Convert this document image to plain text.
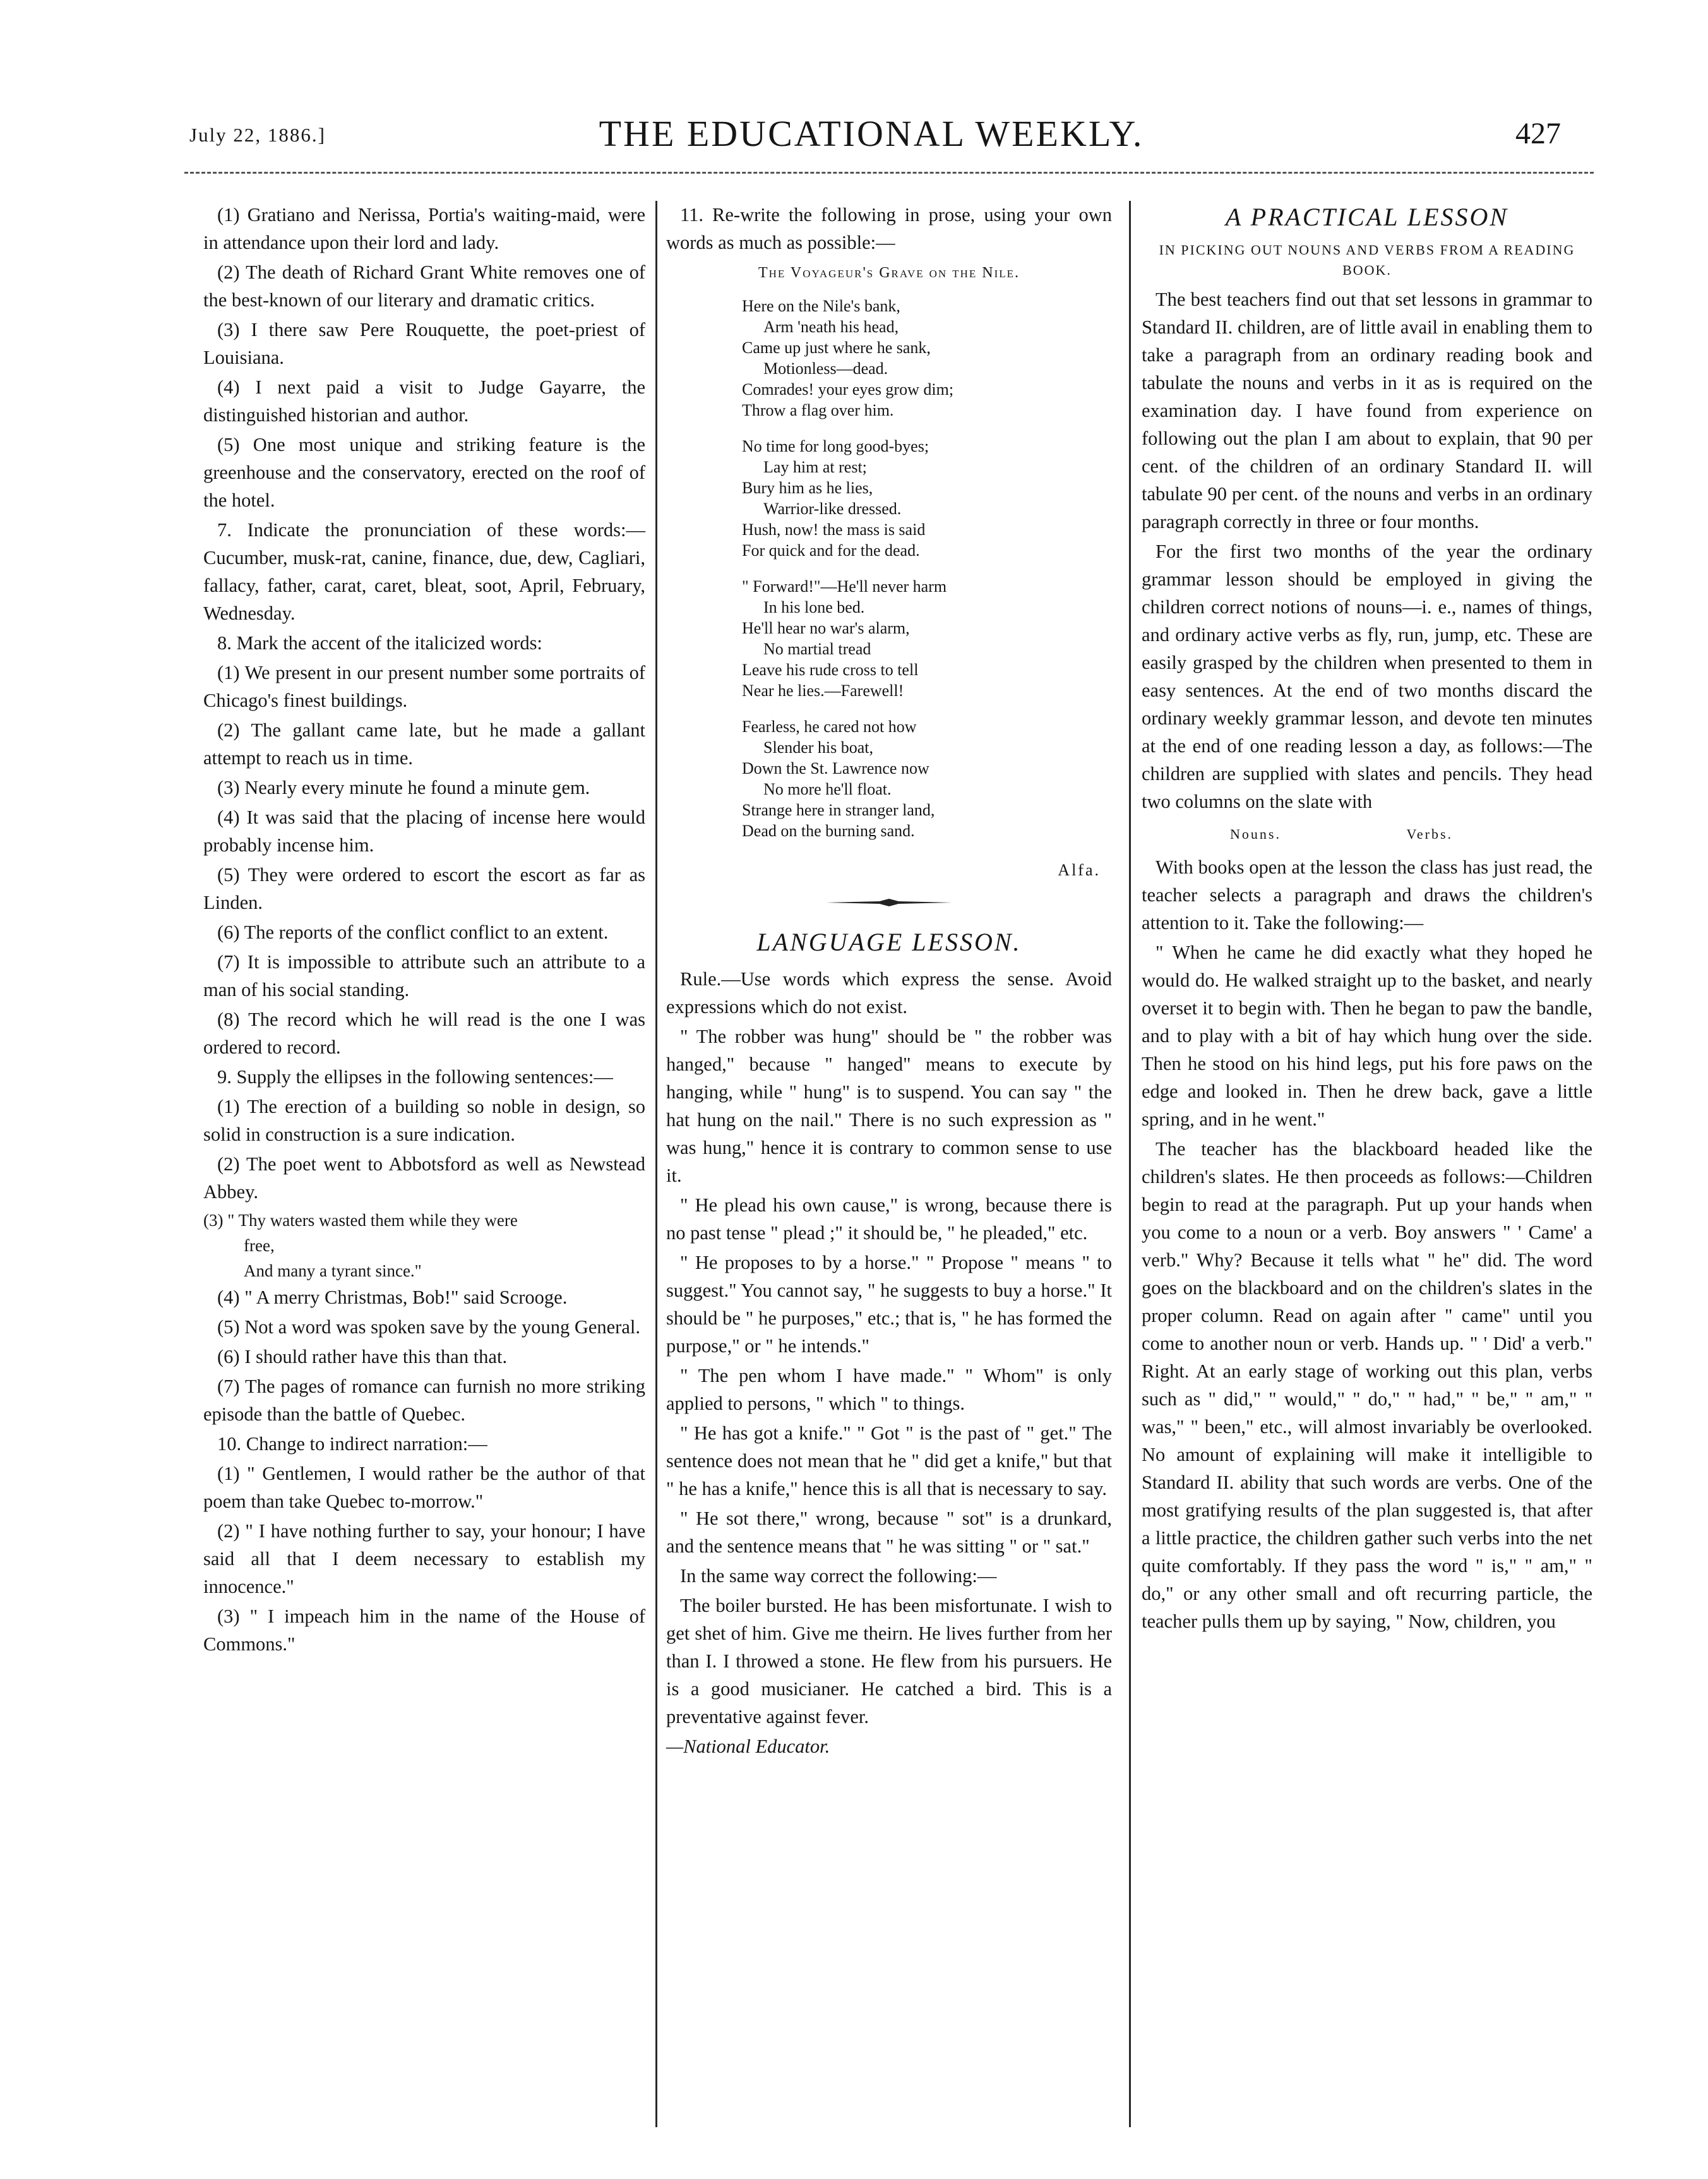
July 22, 1886.]	THE EDUCATIONAL WEEKLY.	427

(1) Gratiano and Nerissa, Portia's waiting-maid, were in attendance upon their lord and lady.

(2) The death of Richard Grant White removes one of the best-known of our literary and dramatic critics.

(3) I there saw Pere Rouquette, the poet-priest of Louisiana.

(4) I next paid a visit to Judge Gayarre, the distinguished historian and author.

(5) One most unique and striking feature is the greenhouse and the conservatory, erected on the roof of the hotel.

7. Indicate the pronunciation of these words:—Cucumber, musk-rat, canine, finance, due, dew, Cagliari, fallacy, father, carat, caret, bleat, soot, April, February, Wednesday.

8. Mark the accent of the italicized words:

(1) We present in our present number some portraits of Chicago's finest buildings.

(2) The gallant came late, but he made a gallant attempt to reach us in time.

(3) Nearly every minute he found a minute gem.

(4) It was said that the placing of incense here would probably incense him.

(5) They were ordered to escort the escort as far as Linden.

(6) The reports of the conflict conflict to an extent.

(7) It is impossible to attribute such an attribute to a man of his social standing.

(8) The record which he will read is the one I was ordered to record.

9. Supply the ellipses in the following sentences:—

(1) The erection of a building so noble in design, so solid in construction is a sure indication.

(2) The poet went to Abbotsford as well as Newstead Abbey.

(3) " Thy waters wasted them while they were
free,
And many a tyrant since."

(4) " A merry Christmas, Bob!" said Scrooge.

(5) Not a word was spoken save by the young General.

(6) I should rather have this than that.

(7) The pages of romance can furnish no more striking episode than the battle of Quebec.

10. Change to indirect narration:—

(1) " Gentlemen, I would rather be the author of that poem than take Quebec to-morrow."

(2) " I have nothing further to say, your honour; I have said all that I deem necessary to establish my innocence."

(3) " I impeach him in the name of the House of Commons."

11. Re-write the following in prose, using your own words as much as possible:—

The Voyageur's Grave on the Nile.
Here on the Nile's bank,
Arm 'neath his head,
Came up just where he sank,
Motionless—dead.
Comrades! your eyes grow dim;
Throw a flag over him.
No time for long good-byes;
Lay him at rest;
Bury him as he lies,
Warrior-like dressed.
Hush, now! the mass is said
For quick and for the dead.
" Forward!"—He'll never harm
In his lone bed.
He'll hear no war's alarm,
No martial tread
Leave his rude cross to tell
Near he lies.—Farewell!
Fearless, he cared not how
Slender his boat,
Down the St. Lawrence now
No more he'll float.
Strange here in stranger land,
Dead on the burning sand.
Alfa.
LANGUAGE LESSON.

Rule.—Use words which express the sense. Avoid expressions which do not exist.

" The robber was hung" should be " the robber was hanged," because " hanged" means to execute by hanging, while " hung" is to suspend. You can say " the hat hung on the nail." There is no such expression as " was hung," hence it is contrary to common sense to use it.

" He plead his own cause," is wrong, because there is no past tense " plead ;" it should be, " he pleaded," etc.

" He proposes to by a horse." " Propose " means " to suggest." You cannot say, " he suggests to buy a horse." It should be " he purposes," etc.; that is, " he has formed the purpose," or " he intends."

" The pen whom I have made." " Whom" is only applied to persons, " which " to things.

" He has got a knife." " Got " is the past of " get." The sentence does not mean that he " did get a knife," but that " he has a knife," hence this is all that is necessary to say.

" He sot there," wrong, because " sot" is a drunkard, and the sentence means that " he was sitting " or " sat."

In the same way correct the following:—

The boiler bursted. He has been misfortunate. I wish to get shet of him. Give me theirn. He lives further from her than I. I throwed a stone. He flew from his pursuers. He is a good musicianer. He catched a bird. This is a preventative against fever.

—National Educator.

A PRACTICAL LESSON
IN PICKING OUT NOUNS AND VERBS FROM A READING BOOK.

The best teachers find out that set lessons in grammar to Standard II. children, are of little avail in enabling them to take a paragraph from an ordinary reading book and tabulate the nouns and verbs in it as is required on the examination day. I have found from experience on following out the plan I am about to explain, that 90 per cent. of the children of an ordinary Standard II. will tabulate 90 per cent. of the nouns and verbs in an ordinary paragraph correctly in three or four months.

For the first two months of the year the ordinary grammar lesson should be employed in giving the children correct notions of nouns—i. e., names of things, and ordinary active verbs as fly, run, jump, etc. These are easily grasped by the children when presented to them in easy sentences. At the end of two months discard the ordinary weekly grammar lesson, and devote ten minutes at the end of one reading lesson a day, as follows:—The children are supplied with slates and pencils. They head two columns on the slate with

Nouns.	Verbs.

With books open at the lesson the class has just read, the teacher selects a paragraph and draws the children's attention to it. Take the following:—

" When he came he did exactly what they hoped he would do. He walked straight up to the basket, and nearly overset it to begin with. Then he began to paw the bandle, and to play with a bit of hay which hung over the side. Then he stood on his hind legs, put his fore paws on the edge and looked in. Then he drew back, gave a little spring, and in he went."

The teacher has the blackboard headed like the children's slates. He then proceeds as follows:—Children begin to read at the paragraph. Put up your hands when you come to a noun or a verb. Boy answers " ' Came' a verb." Why? Because it tells what " he" did. The word goes on the blackboard and on the children's slates in the proper column. Read on again after " came" until you come to another noun or verb. Hands up. " ' Did' a verb." Right. At an early stage of working out this plan, verbs such as " did," " would," " do," " had," " be," " am," " was," " been," etc., will almost invariably be overlooked. No amount of explaining will make it intelligible to Standard II. ability that such words are verbs. One of the most gratifying results of the plan suggested is, that after a little practice, the children gather such verbs into the net quite comfortably. If they pass the word " is," " am," " do," or any other small and oft recurring particle, the teacher pulls them up by saying, " Now, children, you
